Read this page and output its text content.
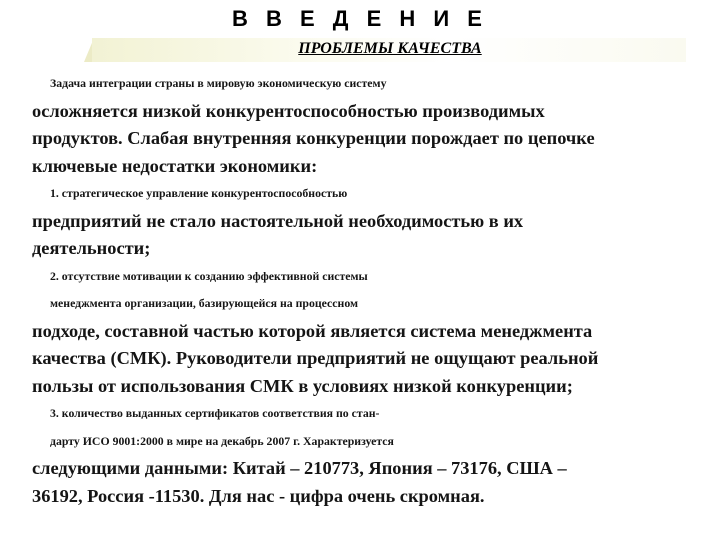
В В Е Д Е Н И Е
ПРОБЛЕМЫ КАЧЕСТВА
Задача интеграции страны в мировую экономическую систему
осложняется низкой конкурентоспособностью производимых
продуктов. Слабая внутренняя конкуренции порождает по цепочке
ключевые недостатки экономики:
1. стратегическое управление конкурентоспособностью
предприятий не стало настоятельной необходимостью в их
деятельности;
2. отсутствие мотивации к созданию эффективной системы
менеджмента организации, базирующейся на процессном
подходе, составной частью которой является система менеджмента
качества (СМК). Руководители предприятий не ощущают реальной
пользы от использования СМК в условиях низкой конкуренции;
3. количество выданных сертификатов соответствия по стан-
дарту ИСО 9001:2000 в мире на декабрь 2007 г. Характеризуется
следующими данными: Китай – 210773, Япония – 73176, США –
36192, Россия -11530. Для нас - цифра очень скромная.
